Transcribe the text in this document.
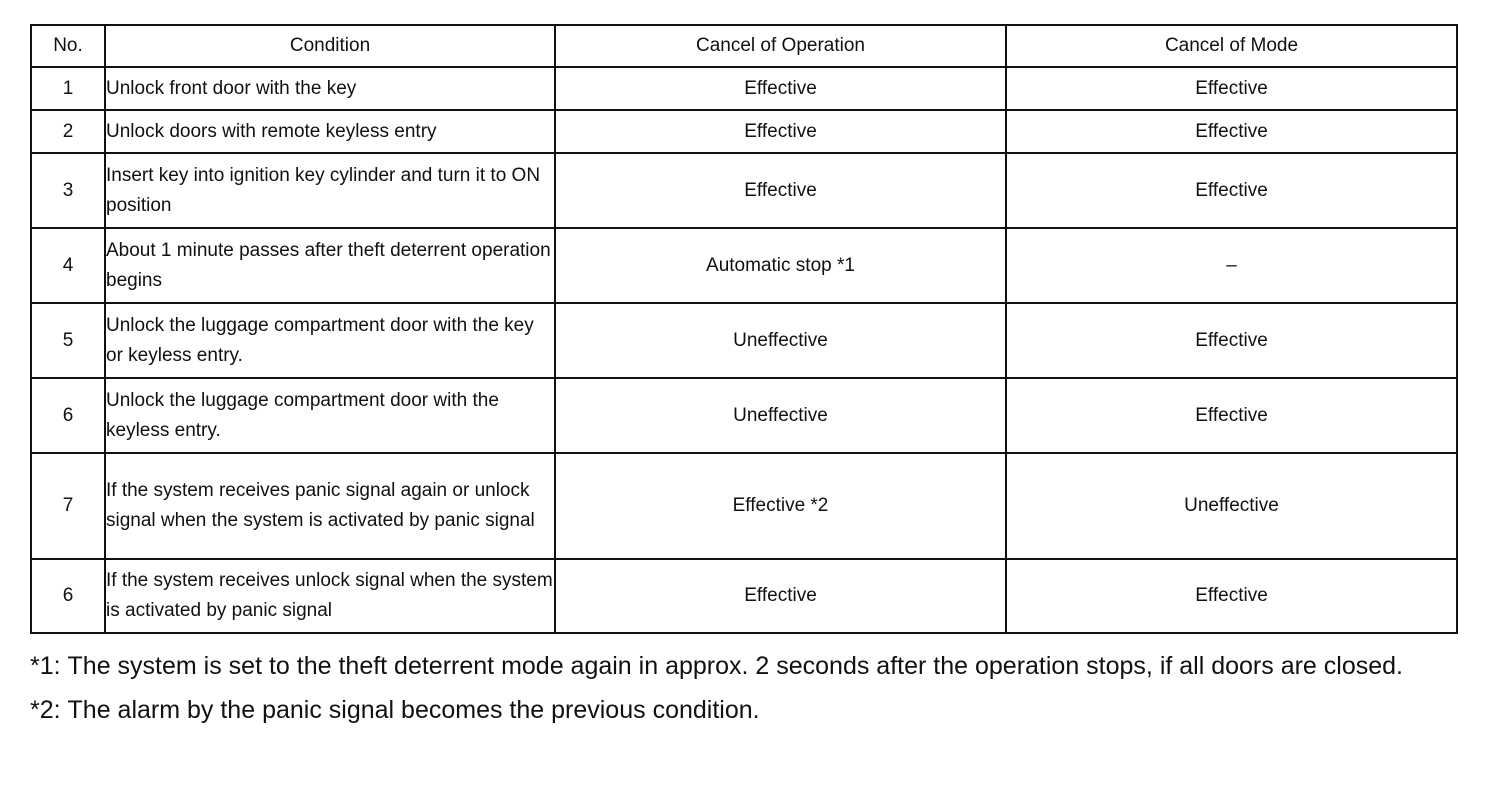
No.	Condition	Cancel of Operation	Cancel of Mode
1	Unlock front door with the key	Effective	Effective
2	Unlock doors with remote keyless entry	Effective	Effective
3	Insert key into ignition key cylinder and turn it to ON position	Effective	Effective
4	About 1 minute passes after theft deterrent operation begins	Automatic stop *1	–
5	Unlock the luggage compartment door with the key or keyless entry.	Uneffective	Effective
6	Unlock the luggage compartment door with the keyless entry.	Uneffective	Effective
7	If the system receives panic signal again or unlock signal when the system is activated by panic signal	Effective *2	Uneffective
6	If the system receives unlock signal when the system is activated by panic signal	Effective	Effective
*1: The system is set to the theft deterrent mode again in approx. 2 seconds after the operation stops, if all doors are closed.
*2: The alarm by the panic signal becomes the previous condition.
